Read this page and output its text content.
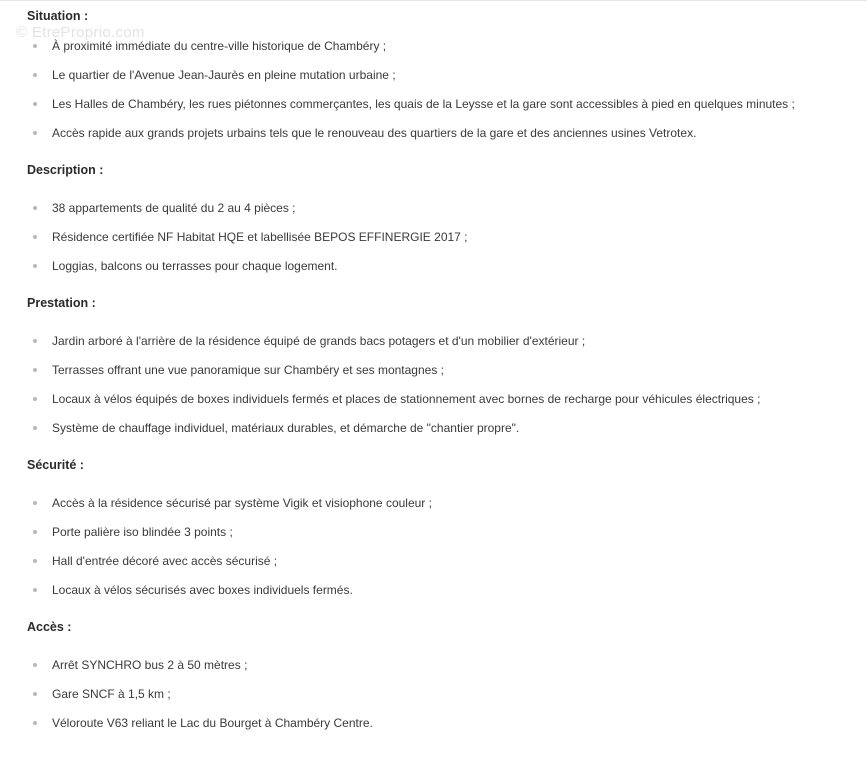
© EtreProprio.com
Situation :
À proximité immédiate du centre-ville historique de Chambéry ;
Le quartier de l'Avenue Jean-Jaurès en pleine mutation urbaine ;
Les Halles de Chambéry, les rues piétonnes commerçantes, les quais de la Leysse et la gare sont accessibles à pied en quelques minutes ;
Accès rapide aux grands projets urbains tels que le renouveau des quartiers de la gare et des anciennes usines Vetrotex.
Description :
38 appartements de qualité du 2 au 4 pièces ;
Résidence certifiée NF Habitat HQE et labellisée BEPOS EFFINERGIE 2017 ;
Loggias, balcons ou terrasses pour chaque logement.
Prestation :
Jardin arboré à l'arrière de la résidence équipé de grands bacs potagers et d'un mobilier d'extérieur ;
Terrasses offrant une vue panoramique sur Chambéry et ses montagnes ;
Locaux à vélos équipés de boxes individuels fermés et places de stationnement avec bornes de recharge pour véhicules électriques ;
Système de chauffage individuel, matériaux durables, et démarche de "chantier propre".
Sécurité :
Accès à la résidence sécurisé par système Vigik et visiophone couleur ;
Porte palière iso blindée 3 points ;
Hall d'entrée décoré avec accès sécurisé ;
Locaux à vélos sécurisés avec boxes individuels fermés.
Accès :
Arrêt SYNCHRO bus 2 à 50 mètres ;
Gare SNCF à 1,5 km ;
Véloroute V63 reliant le Lac du Bourget à Chambéry Centre.
